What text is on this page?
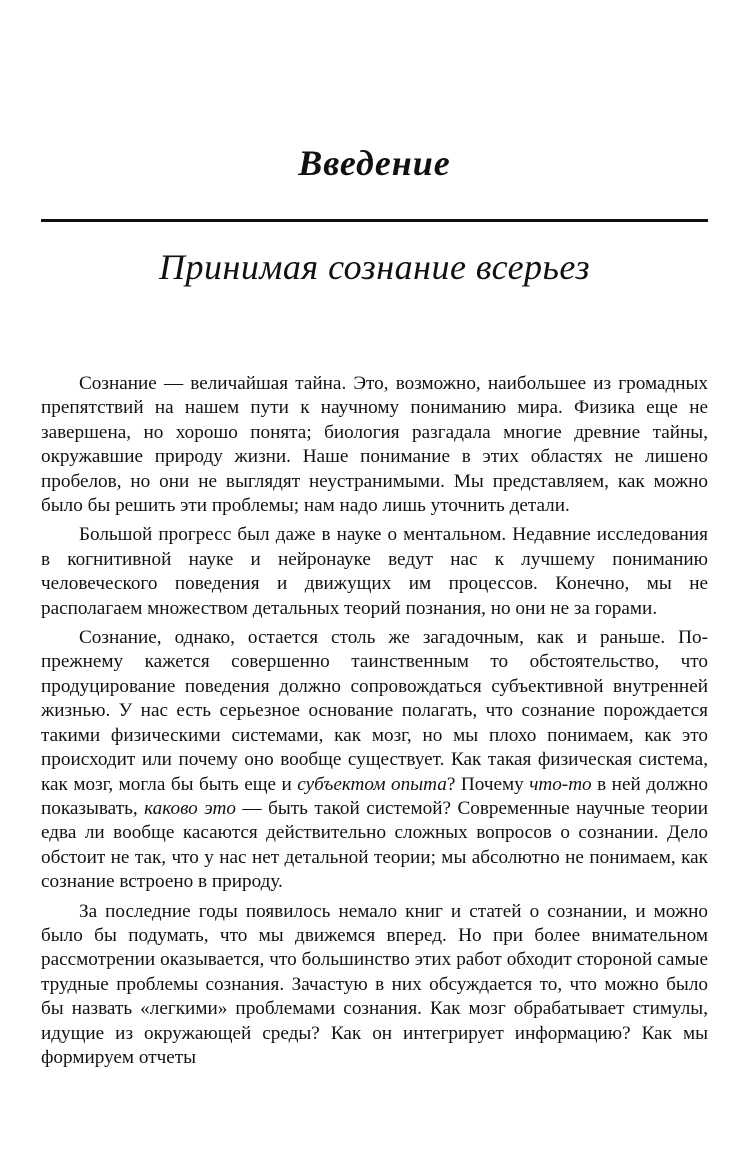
Введение
Принимая сознание всерьез

Сознание — величайшая тайна. Это, возможно, наибольшее из громадных препятствий на нашем пути к научному пониманию мира. Физика еще не завершена, но хорошо понята; биология разгадала многие древние тайны, окружавшие природу жизни. Наше понимание в этих областях не лишено пробелов, но они не выглядят неустранимыми. Мы представляем, как можно было бы решить эти проблемы; нам надо лишь уточнить детали.

Большой прогресс был даже в науке о ментальном. Недавние исследования в когнитивной науке и нейронауке ведут нас к лучшему пониманию человеческого поведения и движущих им процессов. Конечно, мы не располагаем множеством детальных теорий познания, но они не за горами.

Сознание, однако, остается столь же загадочным, как и раньше. По-прежнему кажется совершенно таинственным то обстоятельство, что продуцирование поведения должно сопровождаться субъективной внутренней жизнью. У нас есть серьезное основание полагать, что сознание порождается такими физическими системами, как мозг, но мы плохо понимаем, как это происходит или почему оно вообще существует. Как такая физическая система, как мозг, могла бы быть еще и субъектом опыта? Почему что-то в ней должно показывать, каково это — быть такой системой? Современные научные теории едва ли вообще касаются действительно сложных вопросов о сознании. Дело обстоит не так, что у нас нет детальной теории; мы абсолютно не понимаем, как сознание встроено в природу.

За последние годы появилось немало книг и статей о сознании, и можно было бы подумать, что мы движемся вперед. Но при более внимательном рассмотрении оказывается, что большинство этих работ обходит стороной самые трудные проблемы сознания. Зачастую в них обсуждается то, что можно было бы назвать «легкими» проблемами сознания. Как мозг обрабатывает стимулы, идущие из окружающей среды? Как он интегрирует информацию? Как мы формируем отчеты
